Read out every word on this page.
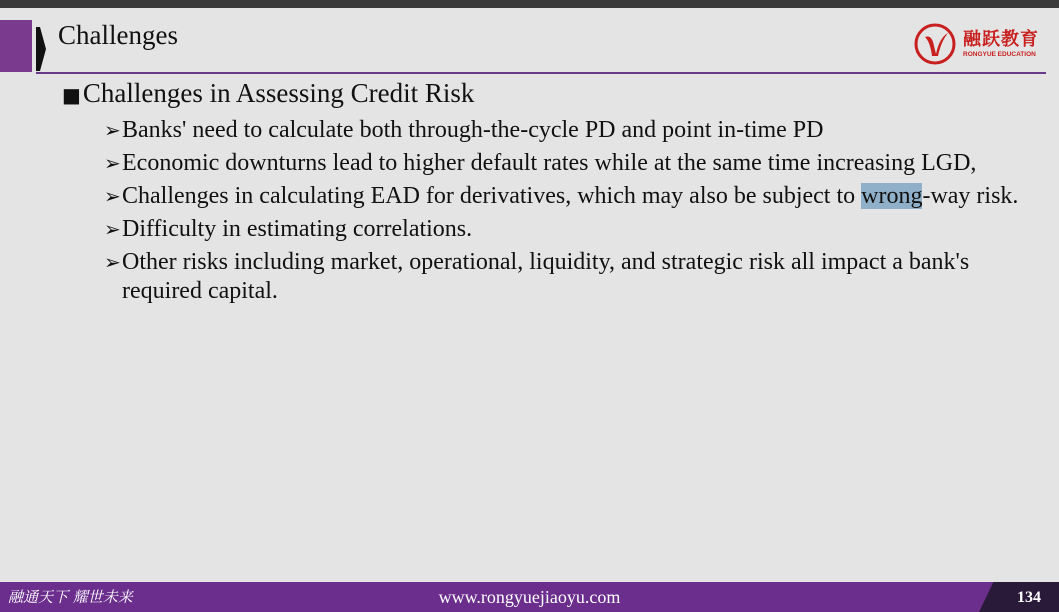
Challenges	融跃教育
RONGYUE EDUCATION
■Challenges in Assessing Credit Risk
➢ Banks' need to calculate both through-the-cycle PD and point in-time PD
➢ Economic downturns lead to higher default rates while at the same time increasing LGD,
➢ Challenges in calculating EAD for derivatives, which may also be subject to wrong-way risk.
➢ Difficulty in estimating correlations.
➢ Other risks including market, operational, liquidity, and strategic risk all impact a bank's required capital.
融通天下 耀世未来	www.rongyuejiaoyu.com	134
